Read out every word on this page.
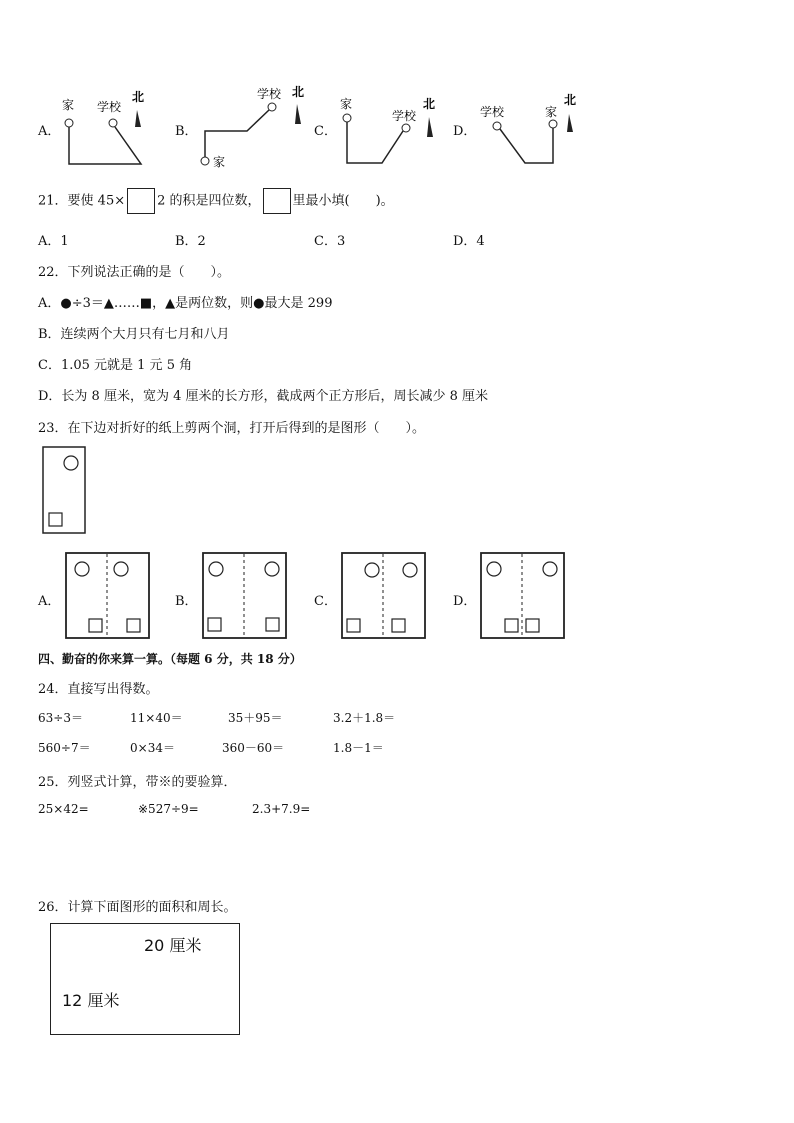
A．
家 学校
北
B．
学校 北
家
C．
家
学校
北
D．
学校	家
北
21．要使 45× 2 的积是四位数， 里最小填(　　)。
A．1	B．2	C．3	D．4
22．下列说法正确的是（　　）。
A．●÷3＝▲……■，▲是两位数，则●最大是 299
B．连续两个大月只有七月和八月
C．1.05 元就是 1 元 5 角
D．长为 8 厘米，宽为 4 厘米的长方形，截成两个正方形后，周长减少 8 厘米
23．在下边对折好的纸上剪两个洞，打开后得到的是图形（　　）。
A．	B．	C．	D．
四、勤奋的你来算一算。（每题 6 分，共 18 分）
24．直接写出得数。
63÷3＝	11×40＝	35＋95＝	3.2＋1.8＝
560÷7＝	0×34＝	360－60＝	1.8－1＝
25．列竖式计算，带※的要验算．
25×42=	※527÷9=	2.3+7.9=
26．计算下面图形的面积和周长。
20 厘米
12 厘米
